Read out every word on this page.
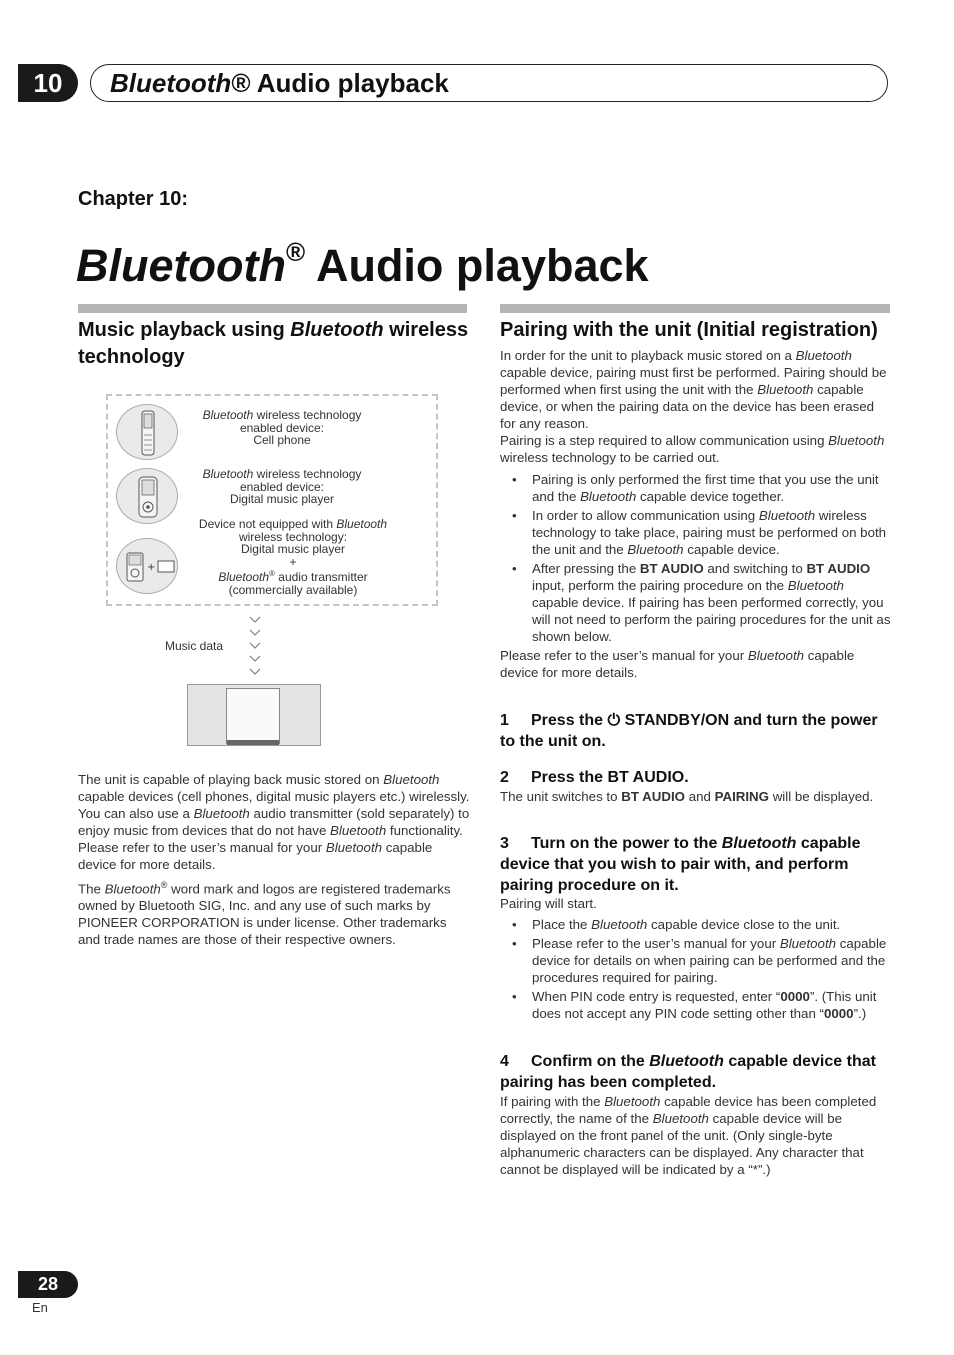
10	Bluetooth® Audio playback
Chapter 10:
Bluetooth® Audio playback
Music playback using Bluetooth wireless technology
Bluetooth wireless technology
enabled device:
Cell phone
Bluetooth wireless technology
enabled device:
Digital music player
+
Device not equipped with Bluetooth
wireless technology:
Digital music player
+
Bluetooth® audio transmitter
(commercially available)
Music data
The unit is capable of playing back music stored on Bluetooth capable devices (cell phones, digital music players etc.) wirelessly. You can also use a Bluetooth audio transmitter (sold separately) to enjoy music from devices that do not have Bluetooth functionality. Please refer to the user’s manual for your Bluetooth capable device for more details.
The Bluetooth® word mark and logos are registered trademarks owned by Bluetooth SIG, Inc. and any use of such marks by PIONEER CORPORATION is under license. Other trademarks and trade names are those of their respective owners.
Pairing with the unit (Initial registration)
In order for the unit to playback music stored on a Bluetooth capable device, pairing must first be performed. Pairing should be performed when first using the unit with the Bluetooth capable device, or when the pairing data on the device has been erased for any reason.
Pairing is a step required to allow communication using Bluetooth wireless technology to be carried out.
• Pairing is only performed the first time that you use the unit and the Bluetooth capable device together.
• In order to allow communication using Bluetooth wireless technology to take place, pairing must be performed on both the unit and the Bluetooth capable device.
• After pressing the BT AUDIO and switching to BT AUDIO input, perform the pairing procedure on the Bluetooth capable device. If pairing has been performed correctly, you will not need to perform the pairing procedures for the unit as shown below.
Please refer to the user’s manual for your Bluetooth capable device for more details.
1 Press the ⏻ STANDBY/ON and turn the power to the unit on.
2 Press the BT AUDIO.
The unit switches to BT AUDIO and PAIRING will be displayed.
3 Turn on the power to the Bluetooth capable device that you wish to pair with, and perform pairing procedure on it.
Pairing will start.
• Place the Bluetooth capable device close to the unit.
• Please refer to the user’s manual for your Bluetooth capable device for details on when pairing can be performed and the procedures required for pairing.
• When PIN code entry is requested, enter “0000”. (This unit does not accept any PIN code setting other than “0000”.)
4 Confirm on the Bluetooth capable device that pairing has been completed.
If pairing with the Bluetooth capable device has been completed correctly, the name of the Bluetooth capable device will be displayed on the front panel of the unit. (Only single-byte alphanumeric characters can be displayed. Any character that cannot be displayed will be indicated by a “*”.)
28
En
